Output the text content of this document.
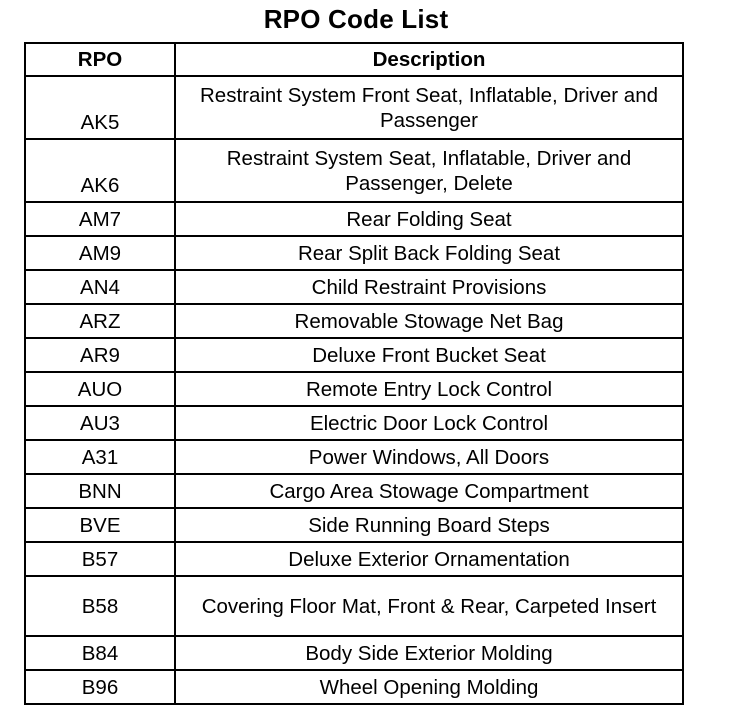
RPO Code List
RPO	Description
AK5	Restraint System Front Seat, Inflatable, Driver and Passenger
AK6	Restraint System Seat, Inflatable, Driver and Passenger, Delete
AM7	Rear Folding Seat
AM9	Rear Split Back Folding Seat
AN4	Child Restraint Provisions
ARZ	Removable Stowage Net Bag
AR9	Deluxe Front Bucket Seat
AUO	Remote Entry Lock Control
AU3	Electric Door Lock Control
A31	Power Windows, All Doors
BNN	Cargo Area Stowage Compartment
BVE	Side Running Board Steps
B57	Deluxe Exterior Ornamentation
B58	Covering Floor Mat, Front & Rear, Carpeted Insert
B84	Body Side Exterior Molding
B96	Wheel Opening Molding
